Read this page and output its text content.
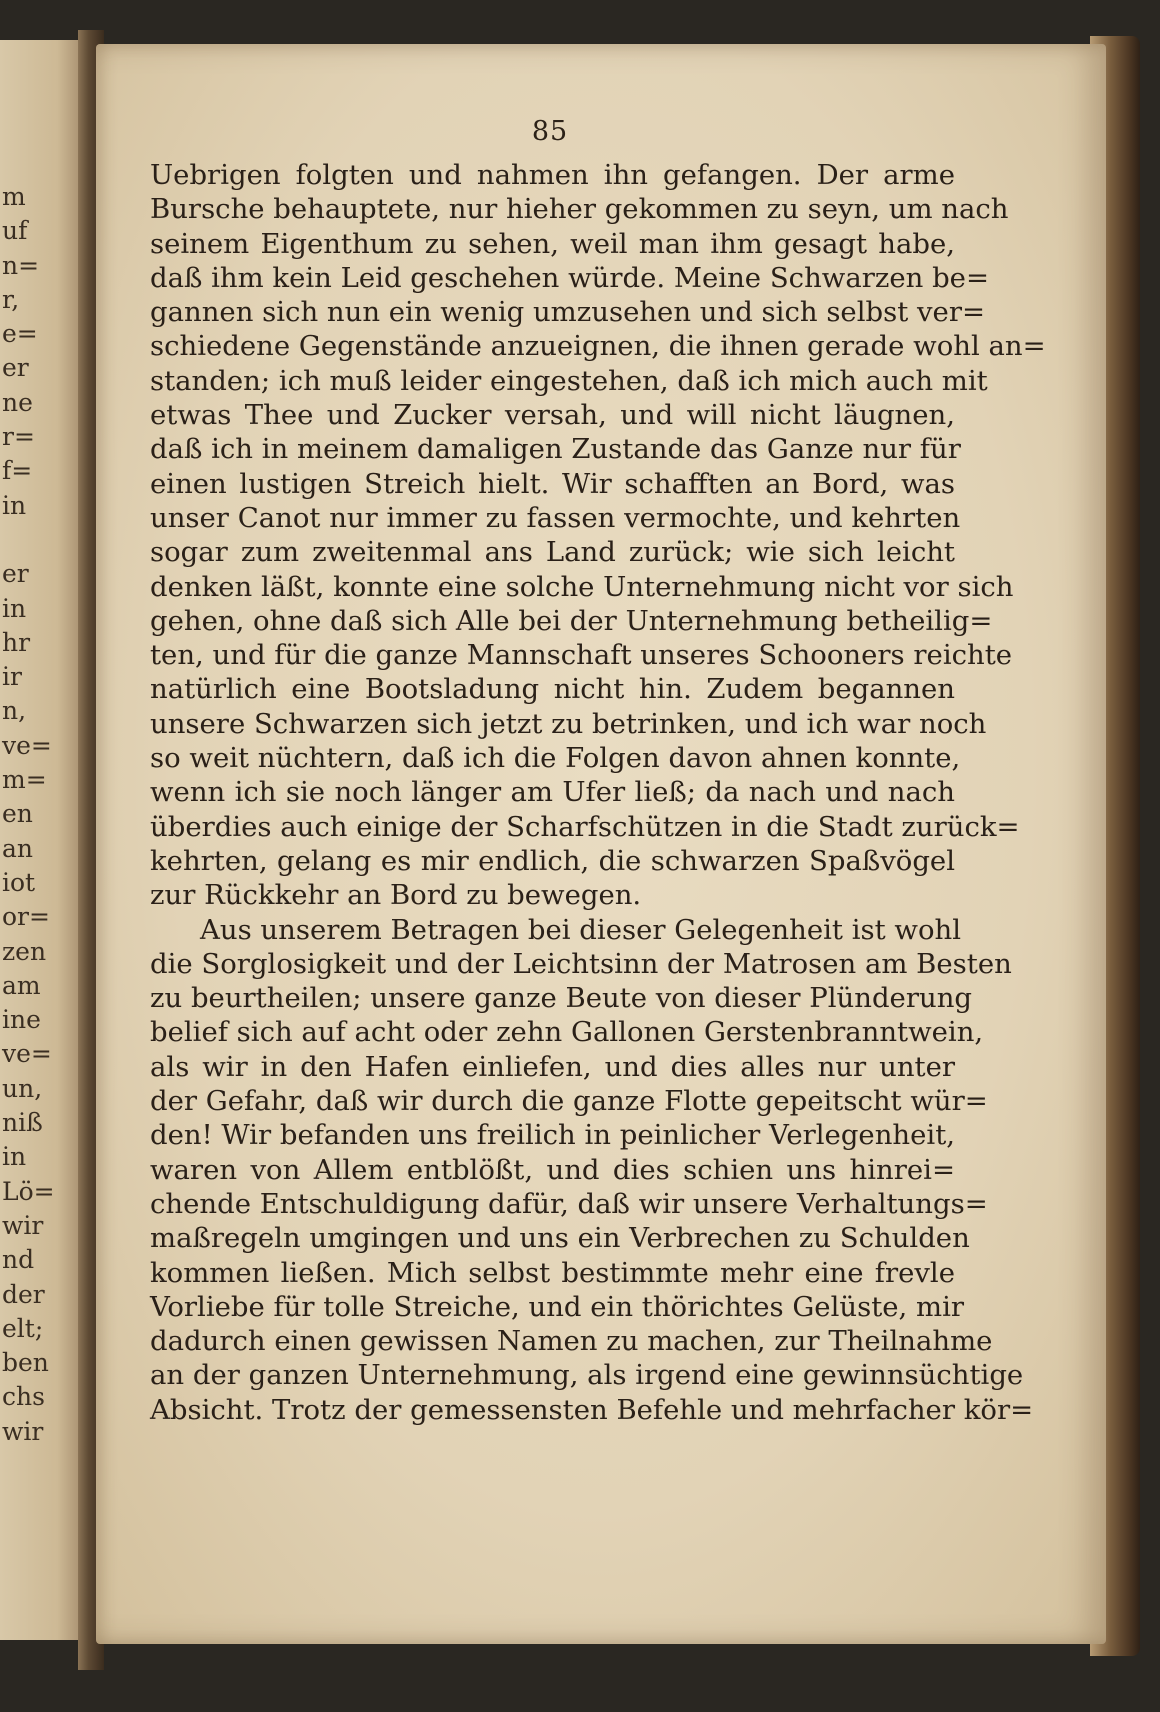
m
uf
n=
r,
e=
er
ne
r=
f=
in
er
in
hr
ir
n,
ve=
m=
en
an
iot
or=
zen
am
ine
ve=
un,
niß
in
Lö=
wir
nd
der
elt;
ben
chs
wir
85
Uebrigen folgten und nahmen ihn gefangen. Der arme
Bursche behauptete, nur hieher gekommen zu seyn, um nach
seinem Eigenthum zu sehen, weil man ihm gesagt habe,
daß ihm kein Leid geschehen würde. Meine Schwarzen be=
gannen sich nun ein wenig umzusehen und sich selbst ver=
schiedene Gegenstände anzueignen, die ihnen gerade wohl an=
standen; ich muß leider eingestehen, daß ich mich auch mit
etwas Thee und Zucker versah, und will nicht läugnen,
daß ich in meinem damaligen Zustande das Ganze nur für
einen lustigen Streich hielt. Wir schafften an Bord, was
unser Canot nur immer zu fassen vermochte, und kehrten
sogar zum zweitenmal ans Land zurück; wie sich leicht
denken läßt, konnte eine solche Unternehmung nicht vor sich
gehen, ohne daß sich Alle bei der Unternehmung betheilig=
ten, und für die ganze Mannschaft unseres Schooners reichte
natürlich eine Bootsladung nicht hin. Zudem begannen
unsere Schwarzen sich jetzt zu betrinken, und ich war noch
so weit nüchtern, daß ich die Folgen davon ahnen konnte,
wenn ich sie noch länger am Ufer ließ; da nach und nach
überdies auch einige der Scharfschützen in die Stadt zurück=
kehrten, gelang es mir endlich, die schwarzen Spaßvögel
zur Rückkehr an Bord zu bewegen.
Aus unserem Betragen bei dieser Gelegenheit ist wohl
die Sorglosigkeit und der Leichtsinn der Matrosen am Besten
zu beurtheilen; unsere ganze Beute von dieser Plünderung
belief sich auf acht oder zehn Gallonen Gerstenbranntwein,
als wir in den Hafen einliefen, und dies alles nur unter
der Gefahr, daß wir durch die ganze Flotte gepeitscht wür=
den! Wir befanden uns freilich in peinlicher Verlegenheit,
waren von Allem entblößt, und dies schien uns hinrei=
chende Entschuldigung dafür, daß wir unsere Verhaltungs=
maßregeln umgingen und uns ein Verbrechen zu Schulden
kommen ließen. Mich selbst bestimmte mehr eine frevle
Vorliebe für tolle Streiche, und ein thörichtes Gelüste, mir
dadurch einen gewissen Namen zu machen, zur Theilnahme
an der ganzen Unternehmung, als irgend eine gewinnsüchtige
Absicht. Trotz der gemessensten Befehle und mehrfacher kör=
